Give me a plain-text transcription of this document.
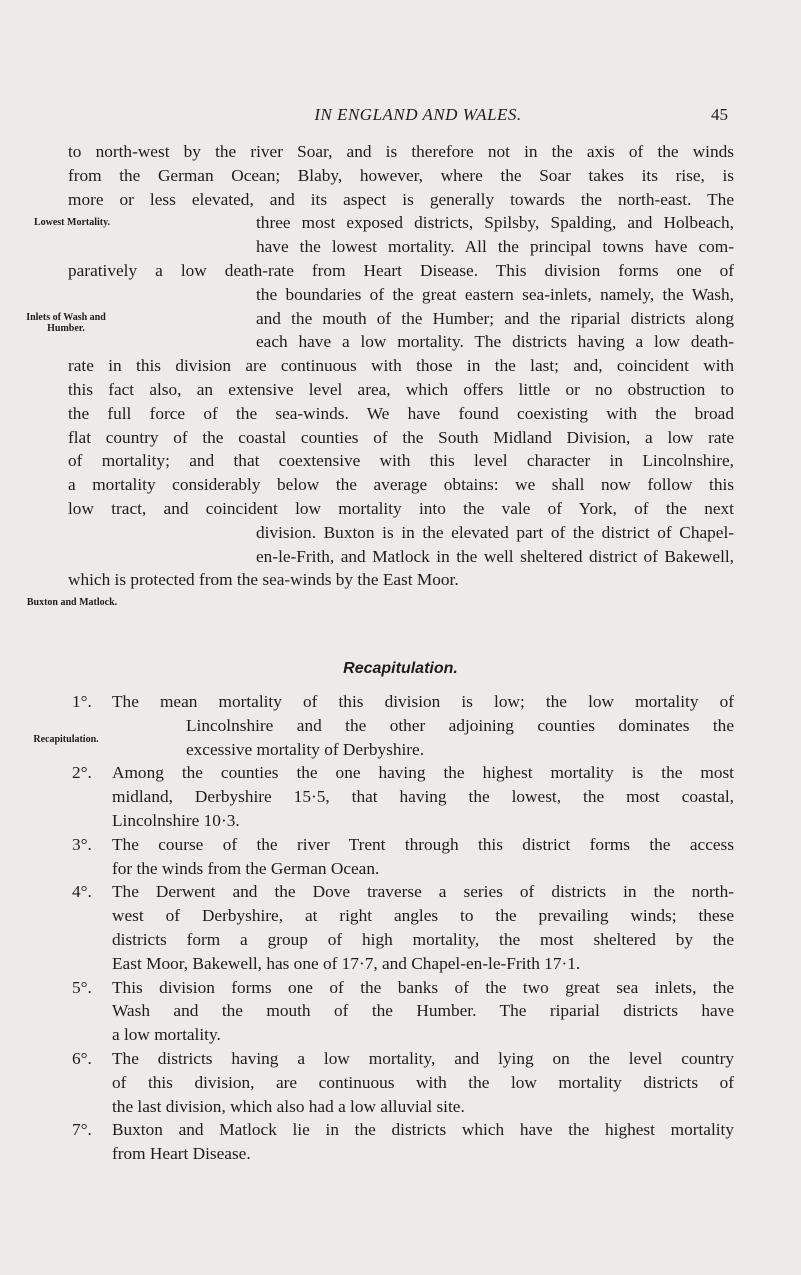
IN ENGLAND AND WALES.	45
Lowest Mortality.
Inlets of Wash and Humber.
Buxton and Matlock.
Recapitulation.

to north-west by the river Soar, and is therefore not in the axis of the winds
from the German Ocean; Blaby, however, where the Soar takes its rise, is
more or less elevated, and its aspect is generally towards the north-east. The
three most exposed districts, Spilsby, Spalding, and Holbeach,
have the lowest mortality. All the principal towns have com-
paratively a low death-rate from Heart Disease. This division forms one of
the boundaries of the great eastern sea-inlets, namely, the Wash,
and the mouth of the Humber; and the riparial districts along
each have a low mortality. The districts having a low death-
rate in this division are continuous with those in the last; and, coincident with
this fact also, an extensive level area, which offers little or no obstruction to
the full force of the sea-winds. We have found coexisting with the broad
flat country of the coastal counties of the South Midland Division, a low rate
of mortality; and that coextensive with this level character in Lincolnshire,
a mortality considerably below the average obtains: we shall now follow this
low tract, and coincident low mortality into the vale of York, of the next
division. Buxton is in the elevated part of the district of Chapel-
en-le-Frith, and Matlock in the well sheltered district of Bakewell,
which is protected from the sea-winds by the East Moor.

Recapitulation.
1°. The mean mortality of this division is low; the low mortality of
Lincolnshire and the other adjoining counties dominates the
excessive mortality of Derbyshire.
2°. Among the counties the one having the highest mortality is the most
midland, Derbyshire 15·5, that having the lowest, the most coastal,
Lincolnshire 10·3.
3°. The course of the river Trent through this district forms the access
for the winds from the German Ocean.
4°. The Derwent and the Dove traverse a series of districts in the north-
west of Derbyshire, at right angles to the prevailing winds; these
districts form a group of high mortality, the most sheltered by the
East Moor, Bakewell, has one of 17·7, and Chapel-en-le-Frith 17·1.
5°. This division forms one of the banks of the two great sea inlets, the
Wash and the mouth of the Humber. The riparial districts have
a low mortality.
6°. The districts having a low mortality, and lying on the level country
of this division, are continuous with the low mortality districts of
the last division, which also had a low alluvial site.
7°. Buxton and Matlock lie in the districts which have the highest mortality
from Heart Disease.
